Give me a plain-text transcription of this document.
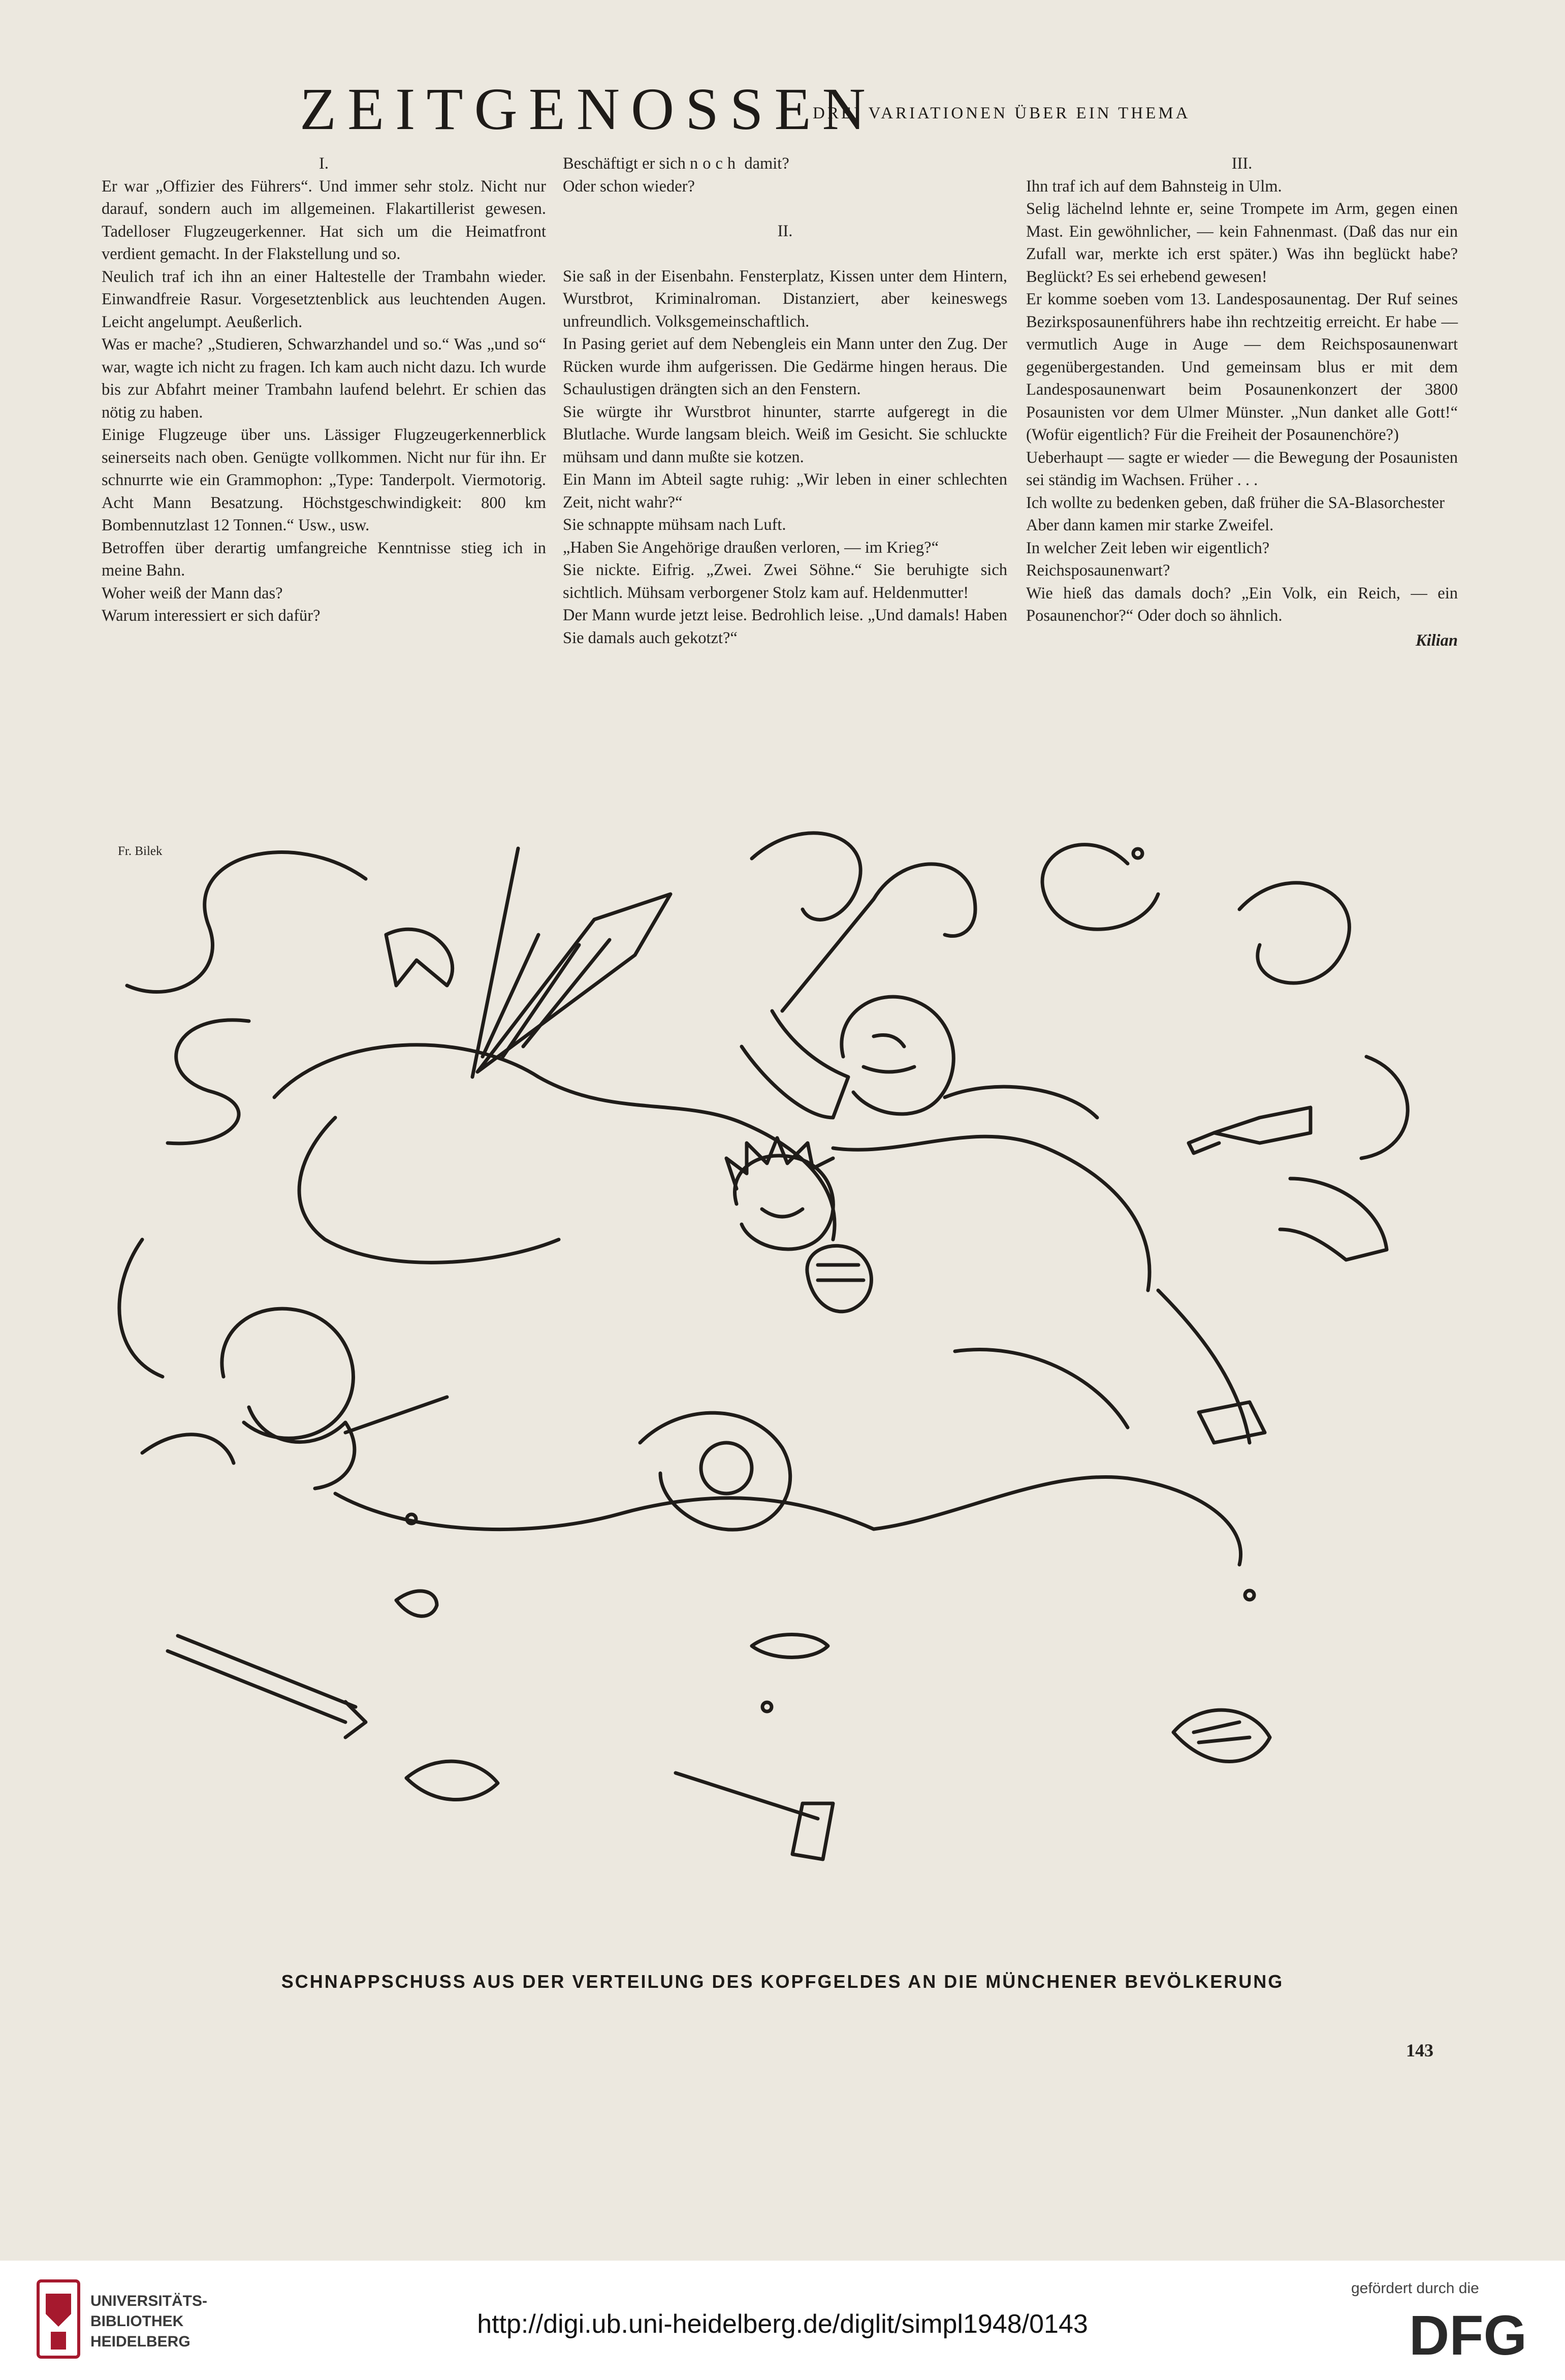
ZEITGENOSSEN
DREI VARIATIONEN ÜBER EIN THEMA

I.

Er war „Offizier des Führers“. Und immer sehr stolz. Nicht nur darauf, sondern auch im allgemeinen. Flakartillerist gewesen. Tadelloser Flugzeugerkenner. Hat sich um die Heimatfront verdient gemacht. In der Flakstellung und so.

Neulich traf ich ihn an einer Haltestelle der Trambahn wieder. Einwandfreie Rasur. Vorgesetztenblick aus leuchtenden Augen. Leicht angelumpt. Aeußerlich.

Was er mache? „Studieren, Schwarzhandel und so.“ Was „und so“ war, wagte ich nicht zu fragen. Ich kam auch nicht dazu. Ich wurde bis zur Abfahrt meiner Trambahn laufend belehrt. Er schien das nötig zu haben.

Einige Flugzeuge über uns. Lässiger Flugzeugerkennerblick seinerseits nach oben. Genügte vollkommen. Nicht nur für ihn. Er schnurrte wie ein Grammophon: „Type: Tanderpolt. Viermotorig. Acht Mann Besatzung. Höchstgeschwindigkeit: 800 km Bombennutzlast 12 Tonnen.“ Usw., usw.

Betroffen über derartig umfangreiche Kenntnisse stieg ich in meine Bahn.

Woher weiß der Mann das?

Warum interessiert er sich dafür?

Beschäftigt er sich noch damit?

Oder schon wieder?

II.

Sie saß in der Eisenbahn. Fensterplatz, Kissen unter dem Hintern, Wurstbrot, Kriminalroman. Distanziert, aber keineswegs unfreundlich. Volksgemeinschaftlich.

In Pasing geriet auf dem Nebengleis ein Mann unter den Zug. Der Rücken wurde ihm aufgerissen. Die Gedärme hingen heraus. Die Schaulustigen drängten sich an den Fenstern.

Sie würgte ihr Wurstbrot hinunter, starrte aufgeregt in die Blutlache. Wurde langsam bleich. Weiß im Gesicht. Sie schluckte mühsam und dann mußte sie kotzen.

Ein Mann im Abteil sagte ruhig: „Wir leben in einer schlechten Zeit, nicht wahr?“

Sie schnappte mühsam nach Luft.

„Haben Sie Angehörige draußen verloren, — im Krieg?“

Sie nickte. Eifrig. „Zwei. Zwei Söhne.“ Sie beruhigte sich sichtlich. Mühsam verborgener Stolz kam auf. Heldenmutter!

Der Mann wurde jetzt leise. Bedrohlich leise. „Und damals! Haben Sie damals auch gekotzt?“

III.

Ihn traf ich auf dem Bahnsteig in Ulm.

Selig lächelnd lehnte er, seine Trompete im Arm, gegen einen Mast. Ein gewöhnlicher, — kein Fahnenmast. (Daß das nur ein Zufall war, merkte ich erst später.) Was ihn beglückt habe? Beglückt? Es sei erhebend gewesen!

Er komme soeben vom 13. Landesposaunentag. Der Ruf seines Bezirksposaunenführers habe ihn rechtzeitig erreicht. Er habe — vermutlich Auge in Auge — dem Reichsposaunenwart gegenübergestanden. Und gemeinsam blus er mit dem Landesposaunenwart beim Posaunenkonzert der 3800 Posaunisten vor dem Ulmer Münster. „Nun danket alle Gott!“ (Wofür eigentlich? Für die Freiheit der Posaunenchöre?)

Ueberhaupt — sagte er wieder — die Bewegung der Posaunisten sei ständig im Wachsen. Früher . . .

Ich wollte zu bedenken geben, daß früher die SA-Blasorchester

Aber dann kamen mir starke Zweifel.

In welcher Zeit leben wir eigentlich?

Reichsposaunenwart?

Wie hieß das damals doch? „Ein Volk, ein Reich, — ein Posaunenchor?“ Oder doch so ähnlich.

Kilian

Fr. Bilek
SCHNAPPSCHUSS AUS DER VERTEILUNG DES KOPFGELDES AN DIE MÜNCHENER BEVÖLKERUNG
143
UNIVERSITÄTS-
BIBLIOTHEK
HEIDELBERG
http://digi.ub.uni-heidelberg.de/diglit/simpl1948/0143
gefördert durch die
DFG
